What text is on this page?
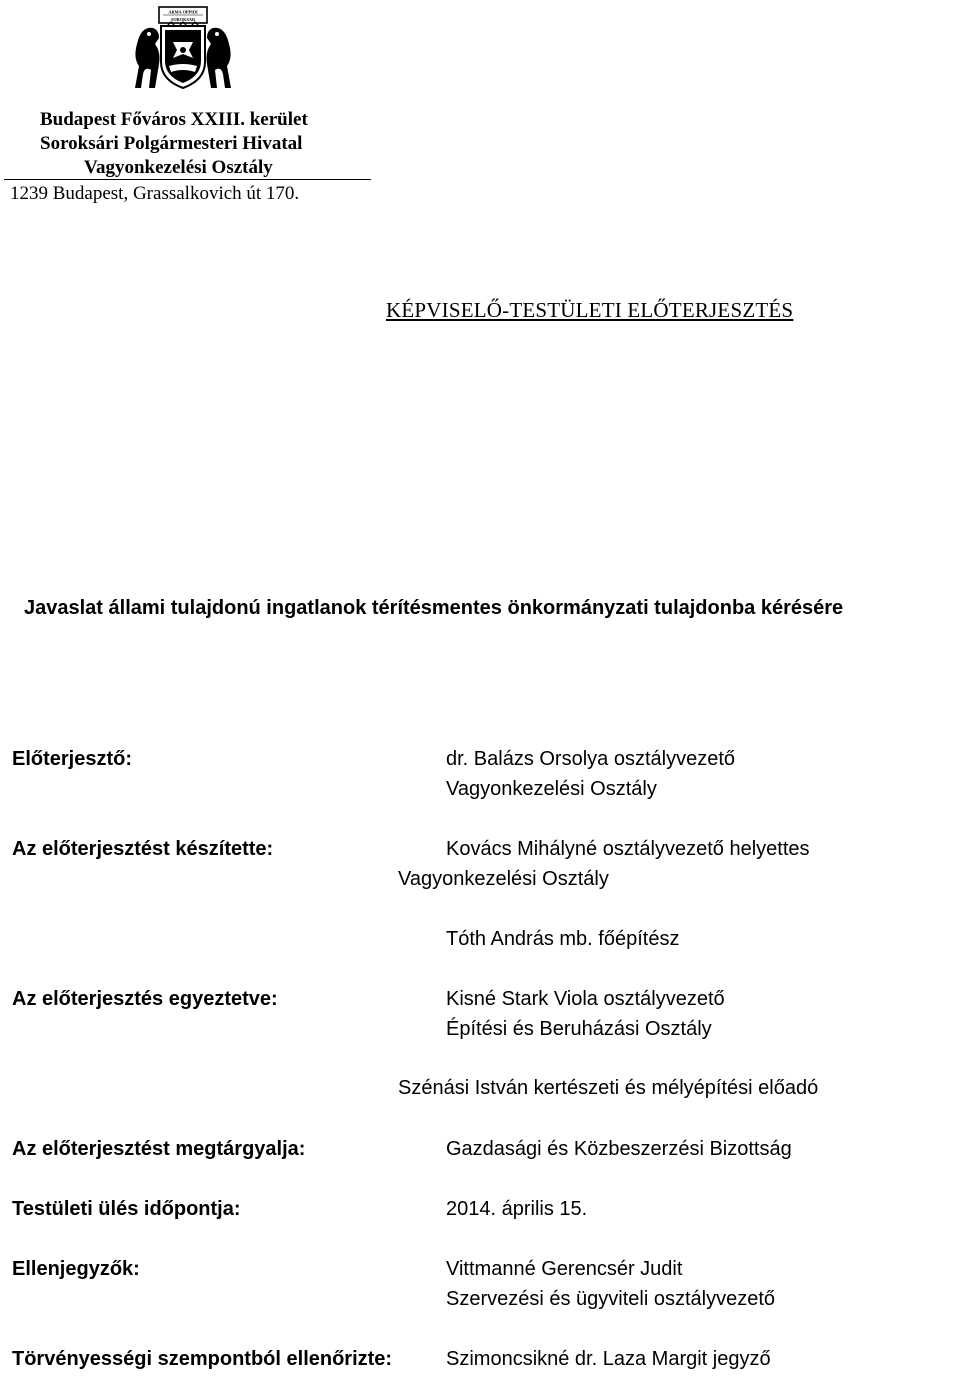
ARMA OPPIDI
SOROKSAR
Budapest Főváros XXIII. kerület
Soroksári Polgármesteri Hivatal
Vagyonkezelési Osztály
1239 Budapest, Grassalkovich út 170.
KÉPVISELŐ-TESTÜLETI ELŐTERJESZTÉS
Javaslat állami tulajdonú ingatlanok térítésmentes önkormányzati tulajdonba kérésére
Előterjesztő:	dr. Balázs Orsolya osztályvezető
Vagyonkezelési Osztály
Az előterjesztést készítette:	Kovács Mihályné osztályvezető helyettes
Vagyonkezelési Osztály
Tóth András mb. főépítész
Az előterjesztés egyeztetve:	Kisné Stark Viola osztályvezető
Építési és Beruházási Osztály
Szénási István kertészeti és mélyépítési előadó
Az előterjesztést megtárgyalja:	Gazdasági és Közbeszerzési Bizottság
Testületi ülés időpontja:	2014. április 15.
Ellenjegyzők:	Vittmanné Gerencsér Judit
Szervezési és ügyviteli osztályvezető
Törvényességi szempontból ellenőrizte:	Szimoncsikné dr. Laza Margit jegyző
